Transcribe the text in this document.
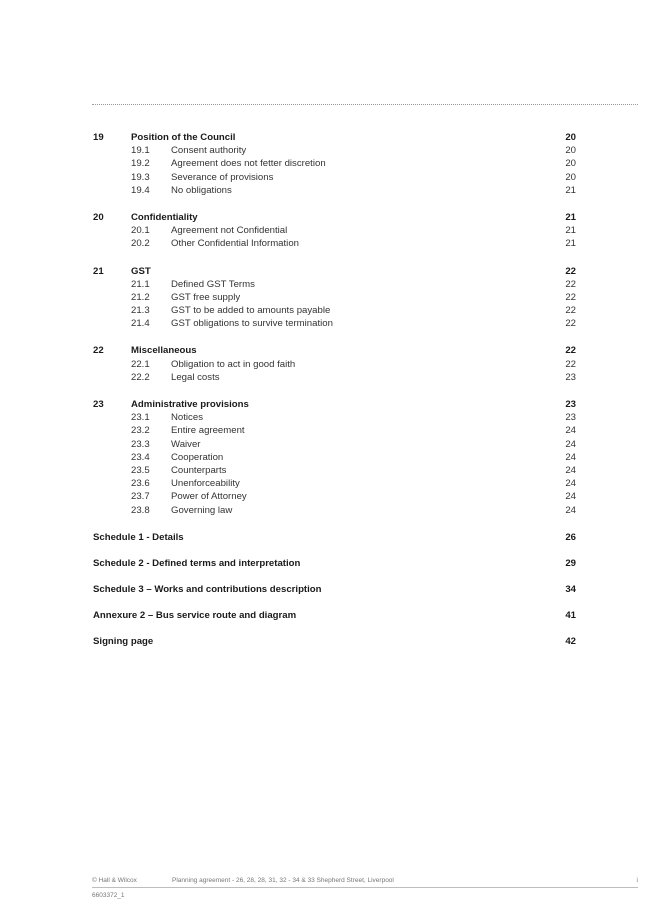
19	Position of the Council	20
19.1 Consent authority	20
19.2 Agreement does not fetter discretion	20
19.3 Severance of provisions	20
19.4 No obligations	21
20	Confidentiality	21
20.1 Agreement not Confidential	21
20.2 Other Confidential Information	21
21	GST	22
21.1 Defined GST Terms	22
21.2 GST free supply	22
21.3 GST to be added to amounts payable	22
21.4 GST obligations to survive termination	22
22	Miscellaneous	22
22.1 Obligation to act in good faith	22
22.2 Legal costs	23
23	Administrative provisions	23
23.1 Notices	23
23.2 Entire agreement	24
23.3 Waiver	24
23.4 Cooperation	24
23.5 Counterparts	24
23.6 Unenforceability	24
23.7 Power of Attorney	24
23.8 Governing law	24
Schedule 1 - Details	26
Schedule 2 - Defined terms and interpretation	29
Schedule 3 – Works and contributions description	34
Annexure 2 – Bus service route and diagram	41
Signing page	42
© Hall & Wilcox	Planning agreement - 26, 28, 28, 31, 32 - 34 & 33 Shepherd Street, Liverpool	i
6603372_1
